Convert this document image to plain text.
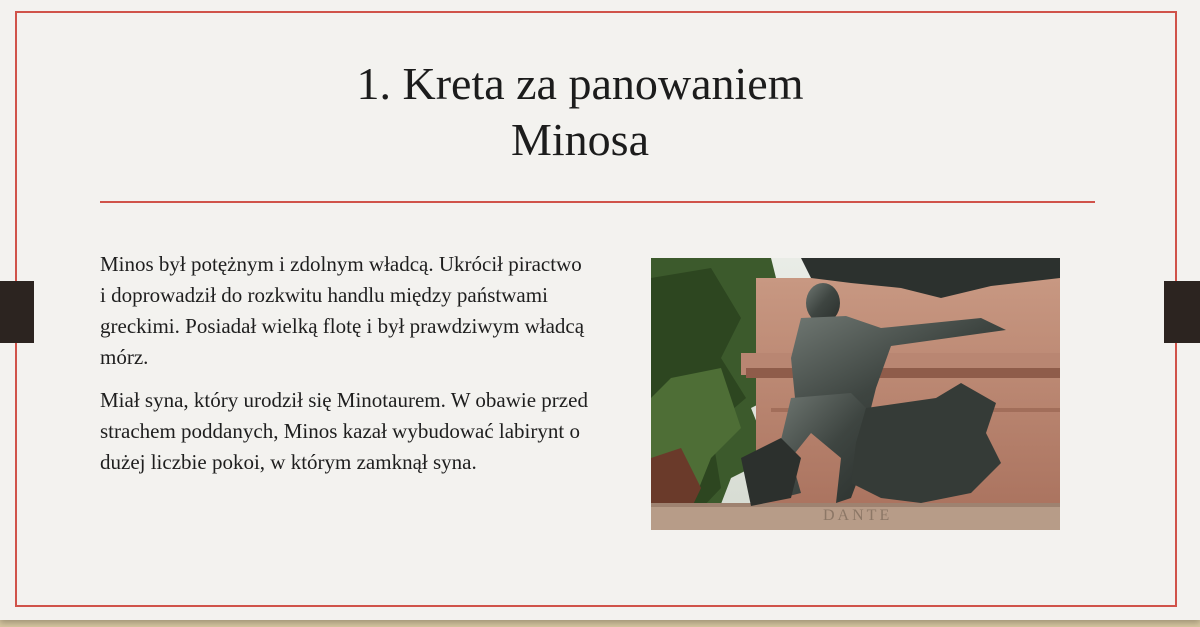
1. Kreta za panowaniem
Minosa

Minos był potężnym i zdolnym władcą. Ukrócił piractwo i doprowadził do rozkwitu handlu między państwami greckimi. Posiadał wielką flotę i był prawdziwym władcą mórz.

Miał syna, który urodził się Minotaurem. W obawie przed strachem poddanych, Minos kazał wybudować labirynt o dużej liczbie pokoi, w którym zamknął syna.

DANTE
